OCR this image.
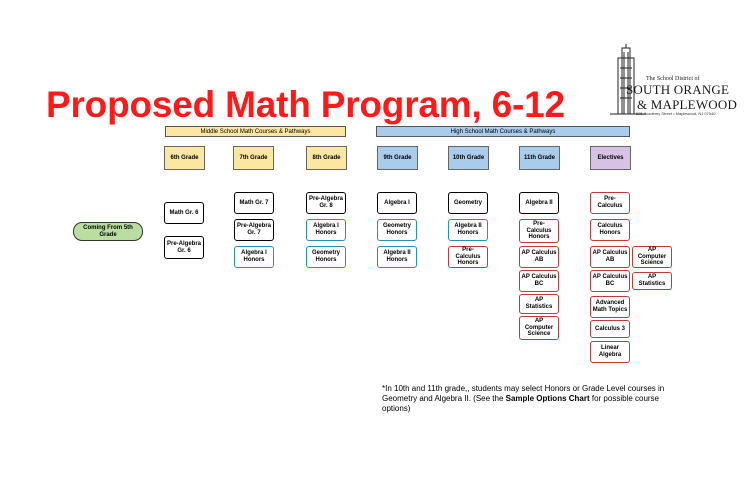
Proposed Math Program, 6-12
The School District of
SOUTH ORANGE
& MAPLEWOOD
525 Academy Street • Maplewood, NJ 07040
Middle School Math Courses & Pathways	High School Math Courses & Pathways
6th Grade	7th Grade	8th Grade	9th Grade	10th Grade	11th Grade	Electives
Coming From 5th Grade
Math Gr. 6
Pre-Algebra Gr. 6
Math Gr. 7
Pre-Algebra Gr. 7
Algebra I Honors
Pre-Algebra Gr. 8
Algebra I Honors
Geometry Honors
Algebra I
Geometry Honors
Algebra II Honors
Geometry
Algebra II Honors
Pre-Calculus Honors
Algebra II
Pre-Calculus Honors
AP Calculus AB
AP Calculus BC
AP Statistics
AP Computer Science
Pre-Calculus
Calculus Honors
AP Calculus AB
AP Calculus BC
Advanced Math Topics
Calculus 3
Linear Algebra
AP Computer Science
AP Statistics
*In 10th and 11th grade,, students may select Honors or Grade Level courses in Geometry and Algebra II. (See the Sample Options Chart for possible course options)
